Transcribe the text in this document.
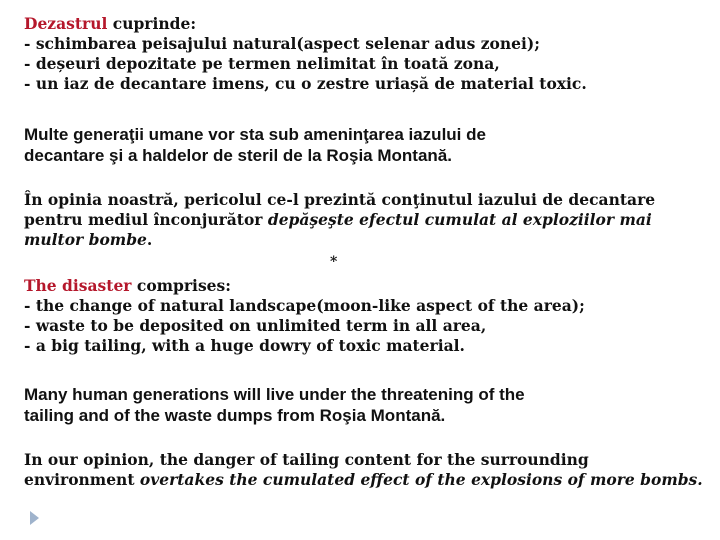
Dezastrul cuprinde:
- schimbarea peisajului natural(aspect selenar adus zonei);
- deșeuri depozitate pe termen nelimitat în toată zona,
- un iaz de decantare imens, cu o zestre uriașă de material toxic.
Multe generaţii umane vor sta sub ameninţarea iazului de
decantare şi a haldelor de steril de la Roşia Montană.
În opinia noastră, pericolul ce-l prezintă conţinutul iazului de decantare
pentru mediul înconjurător depăşeşte efectul cumulat al exploziilor mai
multor bombe.
*
The disaster comprises:
- the change of natural landscape(moon-like aspect of the area);
- waste to be deposited on unlimited term in all area,
- a big tailing, with a huge dowry of toxic material.
Many human generations will live under the threatening of the
tailing and of the waste dumps from Roşia Montană.
In our opinion, the danger of tailing content for the surrounding
environment overtakes the cumulated effect of the explosions of more bombs.
